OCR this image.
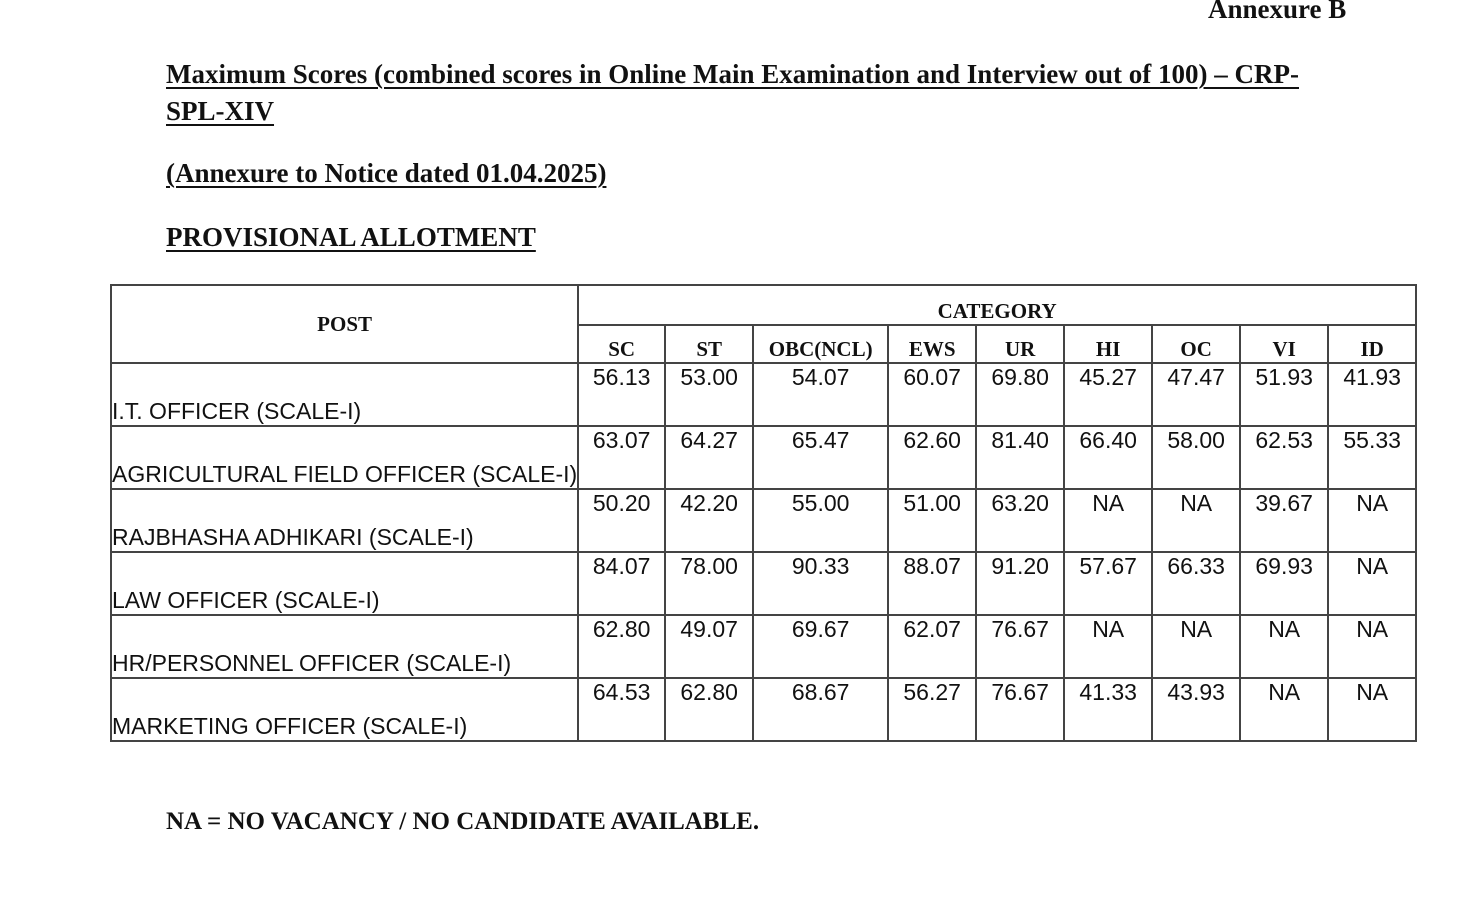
Annexure B
Maximum Scores (combined scores in Online Main Examination and Interview out of 100) – CRP-SPL-XIV
(Annexure to Notice dated 01.04.2025)
PROVISIONAL ALLOTMENT
POST	CATEGORY								
	SC	ST	OBC(NCL)	EWS	UR	HI	OC	VI	ID
I.T. OFFICER (SCALE-I)	56.13	53.00	54.07	60.07	69.80	45.27	47.47	51.93	41.93
AGRICULTURAL FIELD OFFICER (SCALE-I)	63.07	64.27	65.47	62.60	81.40	66.40	58.00	62.53	55.33
RAJBHASHA ADHIKARI (SCALE-I)	50.20	42.20	55.00	51.00	63.20	NA	NA	39.67	NA
LAW OFFICER (SCALE-I)	84.07	78.00	90.33	88.07	91.20	57.67	66.33	69.93	NA
HR/PERSONNEL OFFICER (SCALE-I)	62.80	49.07	69.67	62.07	76.67	NA	NA	NA	NA
MARKETING OFFICER (SCALE-I)	64.53	62.80	68.67	56.27	76.67	41.33	43.93	NA	NA
NA = NO VACANCY / NO CANDIDATE AVAILABLE.
